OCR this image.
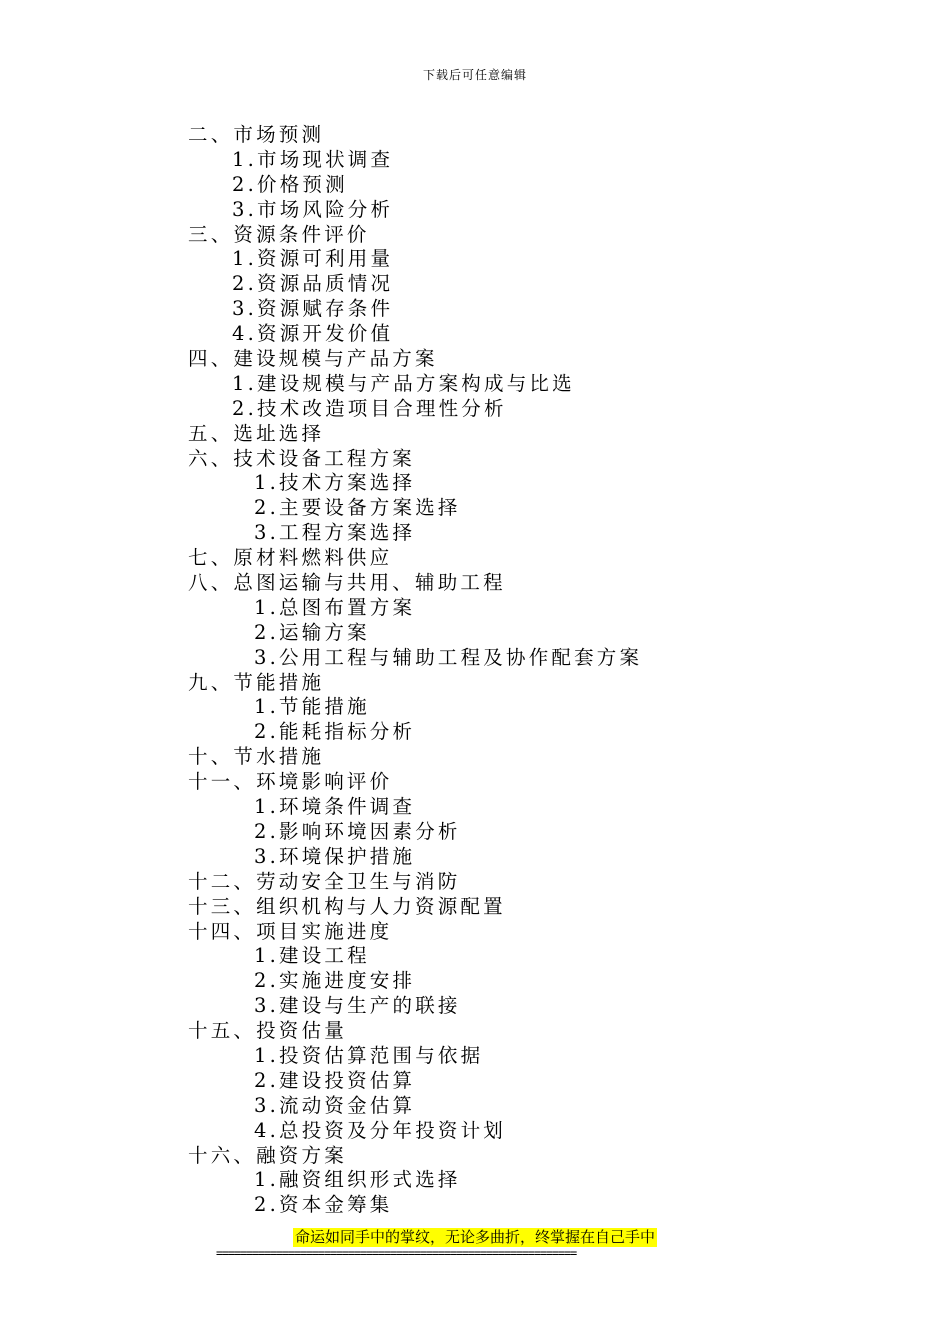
下载后可任意编辑
二、市场预测
1.市场现状调查
2.价格预测
3.市场风险分析
三、资源条件评价
1.资源可利用量
2.资源品质情况
3.资源赋存条件
4.资源开发价值
四、建设规模与产品方案
1.建设规模与产品方案构成与比选
2.技术改造项目合理性分析
五、选址选择
六、技术设备工程方案
1.技术方案选择
2.主要设备方案选择
3.工程方案选择
七、原材料燃料供应
八、总图运输与共用、辅助工程
1.总图布置方案
2.运输方案
3.公用工程与辅助工程及协作配套方案
九、节能措施
1.节能措施
2.能耗指标分析
十、节水措施
十一、环境影响评价
1.环境条件调查
2.影响环境因素分析
3.环境保护措施
十二、劳动安全卫生与消防
十三、组织机构与人力资源配置
十四、项目实施进度
1.建设工程
2.实施进度安排
3.建设与生产的联接
十五、投资估量
1.投资估算范围与依据
2.建设投资估算
3.流动资金估算
4.总投资及分年投资计划
十六、融资方案
1.融资组织形式选择
2.资本金筹集
命运如同手中的掌纹，无论多曲折，终掌握在自己手中
============================================================
